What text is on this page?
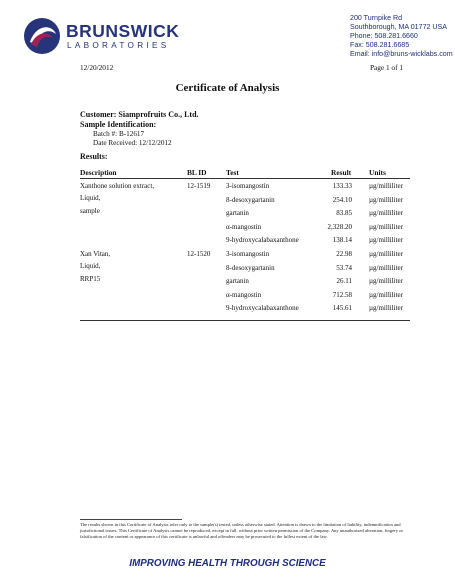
BRUNSWICK
LABORATORIES
200 Turnpike Rd
Southborough, MA 01772 USA
Phone: 508.281.6660
Fax: 508.281.6685
Email: info@bruns-wicklabs.com
12/20/2012	Page 1 of 1
Certificate of Analysis
Customer: Siamprofruits Co., Ltd.
Sample Identification:
Batch #: B-12617
Date Received: 12/12/2012
Results:
Description	BL ID	Test	Result Units
Xanthone solution extract,
Liquid,
sample
12-1519 3-isomangostin	133.33 µg/milliliter
8-desoxygartanin	254.10 µg/milliliter
gartanin	83.85 µg/milliliter
α-mangostin	2,328.20 µg/milliliter
9-hydroxycalabaxanthone	138.14 µg/milliliter
Xan Vitan,
Liquid,
RRP15
12-1520 3-isomangostin	22.98 µg/milliliter
8-desoxygartanin	53.74 µg/milliliter
gartanin	26.11 µg/milliliter
α-mangostin	712.58 µg/milliliter
9-hydroxycalabaxanthone	145.61 µg/milliliter
The results shown in this Certificate of Analysis refer only to the sample(s) tested, unless otherwise stated. Attention is drawn to the limitation of liability, indemnification and jurisdictional issues. This Certificate of Analysis cannot be reproduced, except in full, without prior written permission of the Company. Any unauthorized alteration, forgery or falsification of the content or appearance of this certificate is unlawful and offenders may be prosecuted to the fullest extent of the law.
IMPROVING HEALTH THROUGH SCIENCE
